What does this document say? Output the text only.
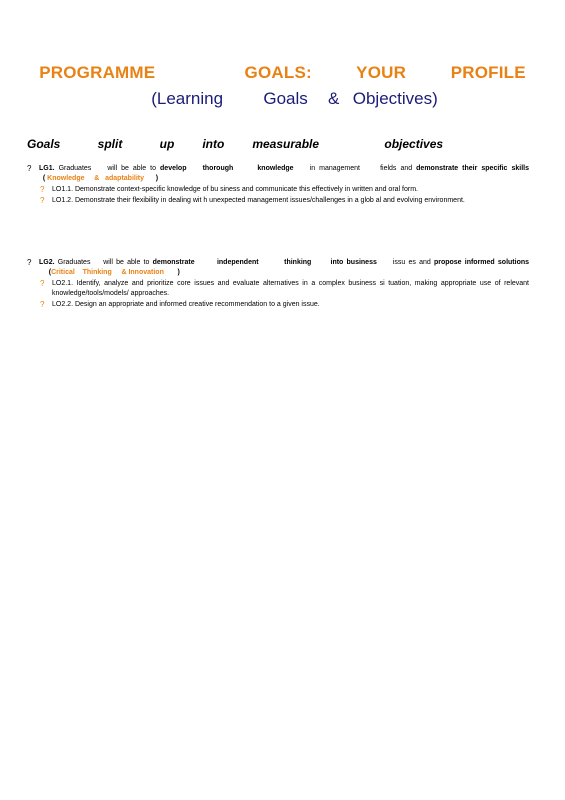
PROGRAMME          GOALS:     YOUR     PROFILE
(Learning      Goals   &  Objectives)
Goals    split    up   into   measurable       objectives
?	LG1. Graduates    will be able to develop    thorough      knowledge    in management     fields and demonstrate their specific skills  ( Knowledge     &   adaptability      )
?	LO1.1. Demonstrate context-specific knowledge of bu siness and communicate this effectively in written and oral form.
?	LO1.2. Demonstrate their flexibility in dealing wit h unexpected management issues/challenges in a glob al and evolving environment.
?	LG2. Graduates    will be able to demonstrate       independent        thinking      into business     issu es and propose informed solutions     (Critical    Thinking     & Innovation       )
?	LO2.1. Identify, analyze and prioritize core issues and evaluate alternatives in a complex business si tuation, making appropriate use of relevant knowledge/tools/models/ approaches.
?	LO2.2. Design an appropriate and informed creative recommendation to a given issue.
